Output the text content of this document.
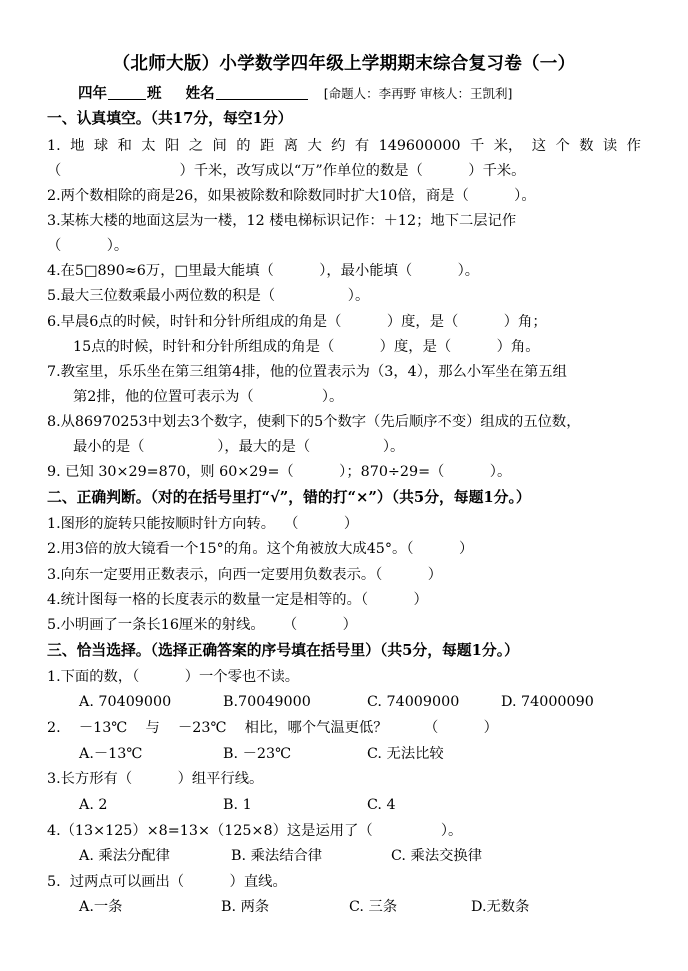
（北师大版）小学数学四年级上学期期末综合复习卷（一）
四年	班 姓名	[命题人：李再野 审核人：王凯利]
一、认真填空。（共17分，每空1分）
1. 地 球 和 太 阳 之 间 的 距 离 大 约 有 149600000 千 米， 这 个 数 读 作
（                          ）千米，改写成以“万”作单位的数是（          ）千米。
2.两个数相除的商是26，如果被除数和除数同时扩大10倍，商是（          ）。
3.某栋大楼的地面这层为一楼，12 楼电梯标识记作：＋12；地下二层记作
（          ）。
4.在5□890≈6万，□里最大能填（          ），最小能填（          ）。
5.最大三位数乘最小两位数的积是（                ）。
6.早晨6点的时候，时针和分针所组成的角是（          ）度，是（          ）角；
15点的时候，时针和分针所组成的角是（          ）度，是（          ）角。
7.教室里，乐乐坐在第三组第4排，他的位置表示为（3，4），那么小军坐在第五组
第2排，他的位置可表示为（               ）。
8.从86970253中划去3个数字，使剩下的5个数字（先后顺序不变）组成的五位数，
最小的是（                ），最大的是（                ）。
9. 已知 30×29=870，则 60×29=（          ）；870÷29=（          ）。
二、正确判断。（对的在括号里打“√”，错的打“×”）（共5分，每题1分。）
1.图形的旋转只能按顺时针方向转。  （          ）
2.用3倍的放大镜看一个15°的角。这个角被放大成45°。（          ）
3.向东一定要用正数表示，向西一定要用负数表示。（          ）
4.统计图每一格的长度表示的数量一定是相等的。（          ）
5.小明画了一条长16厘米的射线。    （          ）
三、恰当选择。（选择正确答案的序号填在括号里）（共5分，每题1分。）
1.下面的数，（          ）一个零也不读。
A. 70409000	B.70049000	C. 74009000	D. 74000090
2.    －13℃    与    －23℃    相比，哪个气温更低？        （          ）
A.－13℃	B. －23℃	C. 无法比较
3.长方形有（          ）组平行线。
A. 2	B. 1	C. 4
4.（13×125）×8=13×（125×8）这是运用了（               ）。
A. 乘法分配律	B. 乘法结合律	C. 乘法交换律
5.  过两点可以画出（          ）直线。
A.一条	B. 两条	C. 三条	D.无数条
